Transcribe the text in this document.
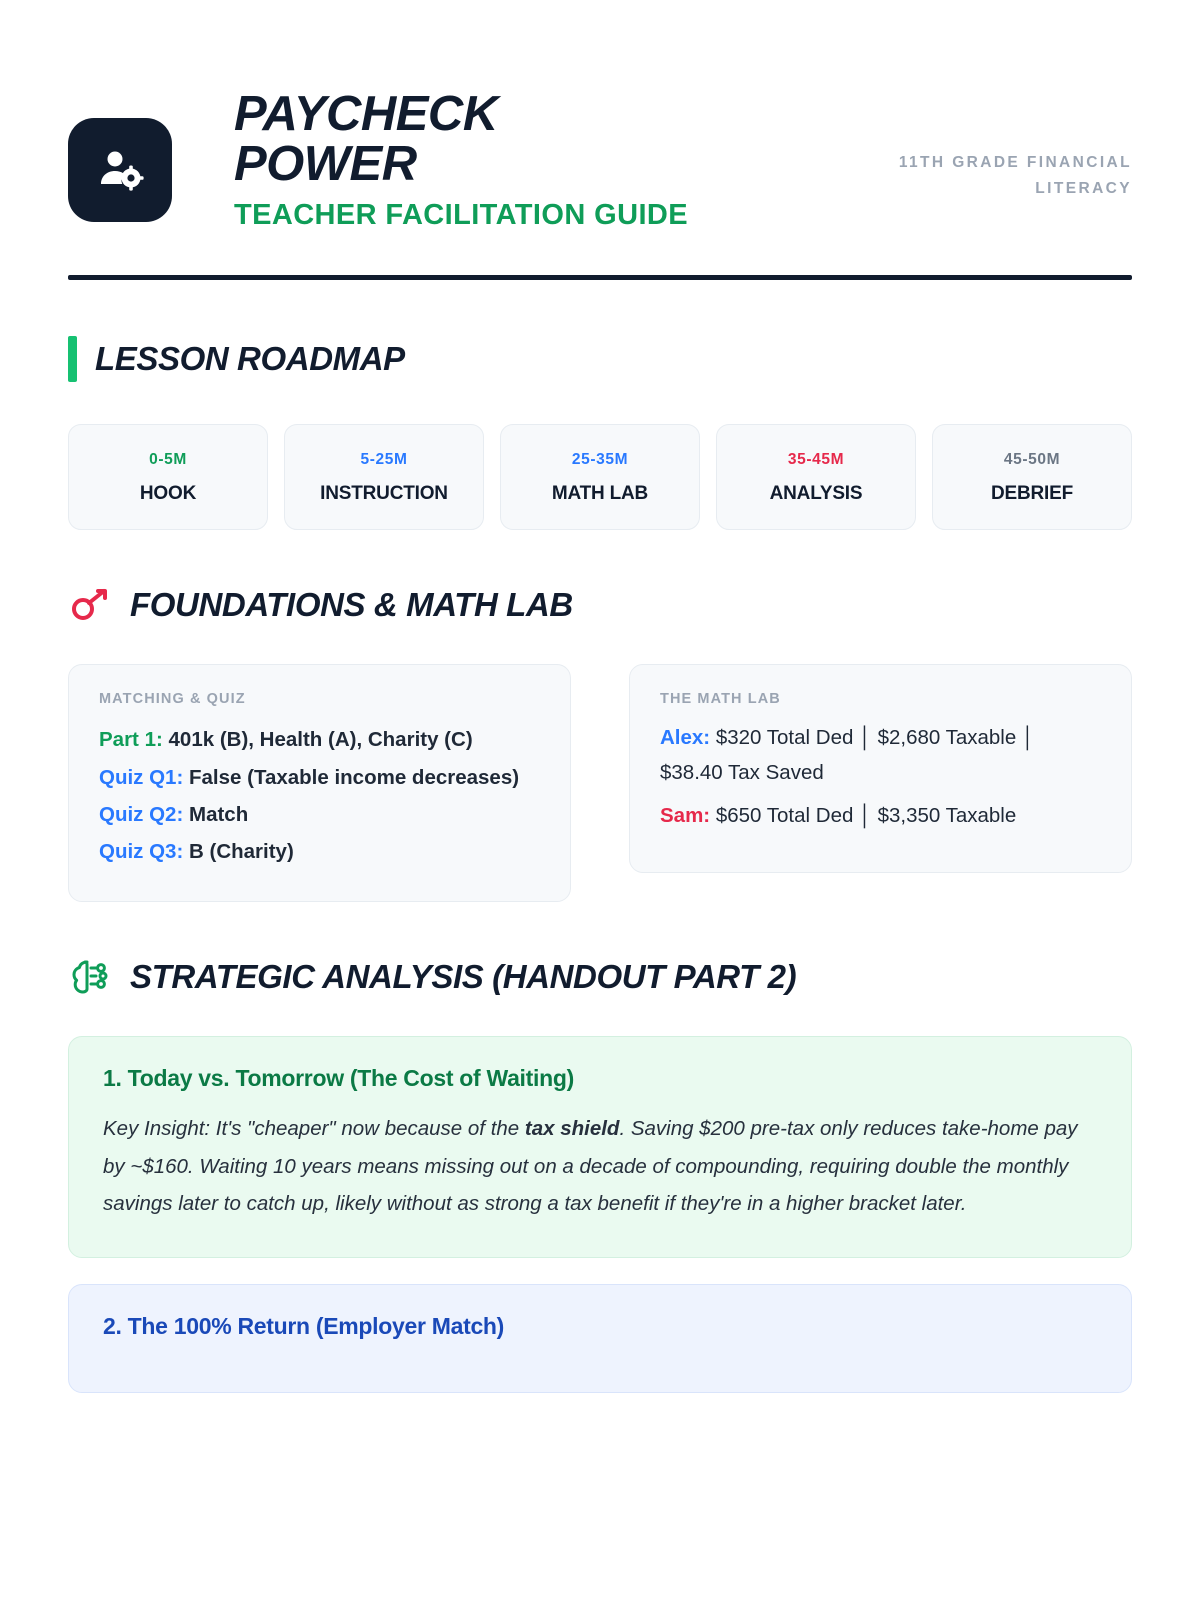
PAYCHECK POWER
TEACHER FACILITATION GUIDE
11TH GRADE FINANCIAL LITERACY
LESSON ROADMAP
0-5M
HOOK
5-25M
INSTRUCTION
25-35M
MATH LAB
35-45M
ANALYSIS
45-50M
DEBRIEF
FOUNDATIONS & MATH LAB
MATCHING & QUIZ
Part 1: 401k (B), Health (A), Charity (C)
Quiz Q1: False (Taxable income decreases)
Quiz Q2: Match
Quiz Q3: B (Charity)
THE MATH LAB
Alex: $320 Total Ded │ $2,680 Taxable │ $38.40 Tax Saved
Sam: $650 Total Ded │ $3,350 Taxable
STRATEGIC ANALYSIS (HANDOUT PART 2)
1. Today vs. Tomorrow (The Cost of Waiting)
Key Insight: It's "cheaper" now because of the tax shield. Saving $200 pre-tax only reduces take-home pay by ~$160. Waiting 10 years means missing out on a decade of compounding, requiring double the monthly savings later to catch up, likely without as strong a tax benefit if they're in a higher bracket later.
2. The 100% Return (Employer Match)
